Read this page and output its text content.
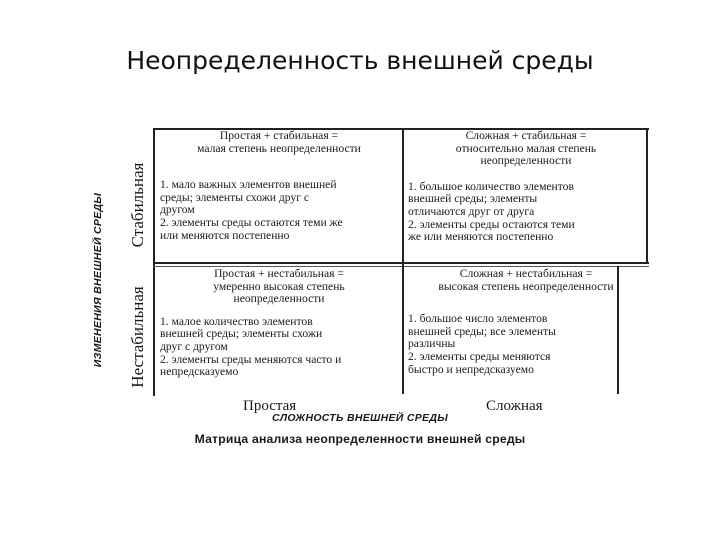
Неопределенность внешней среды
ИЗМЕНЕНИЯ ВНЕШНЕЙ СРЕДЫ Стабильная
Нестабильная
Простая + стабильная =
малая степень неопределенности
1. мало важных элементов внешней
среды; элементы схожи друг с
другом
2. элементы среды остаются теми же
или меняются постепенно
Сложная + стабильная =
относительно малая степень
неопределенности
1. большое количество элементов
внешней среды; элементы
отличаются друг от друга
2. элементы среды остаются теми
же или меняются постепенно
Простая + нестабильная =
умеренно высокая степень
неопределенности
1. малое количество элементов
внешней среды; элементы схожи
друг с другом
2. элементы среды меняются часто и
непредсказуемо
Сложная + нестабильная =
высокая степень неопределенности
1. большое число элементов
внешней среды; все элементы
различны
2. элементы среды меняются
быстро и непредсказуемо
Простая	Сложная
СЛОЖНОСТЬ ВНЕШНЕЙ СРЕДЫ
Матрица анализа неопределенности внешней среды
